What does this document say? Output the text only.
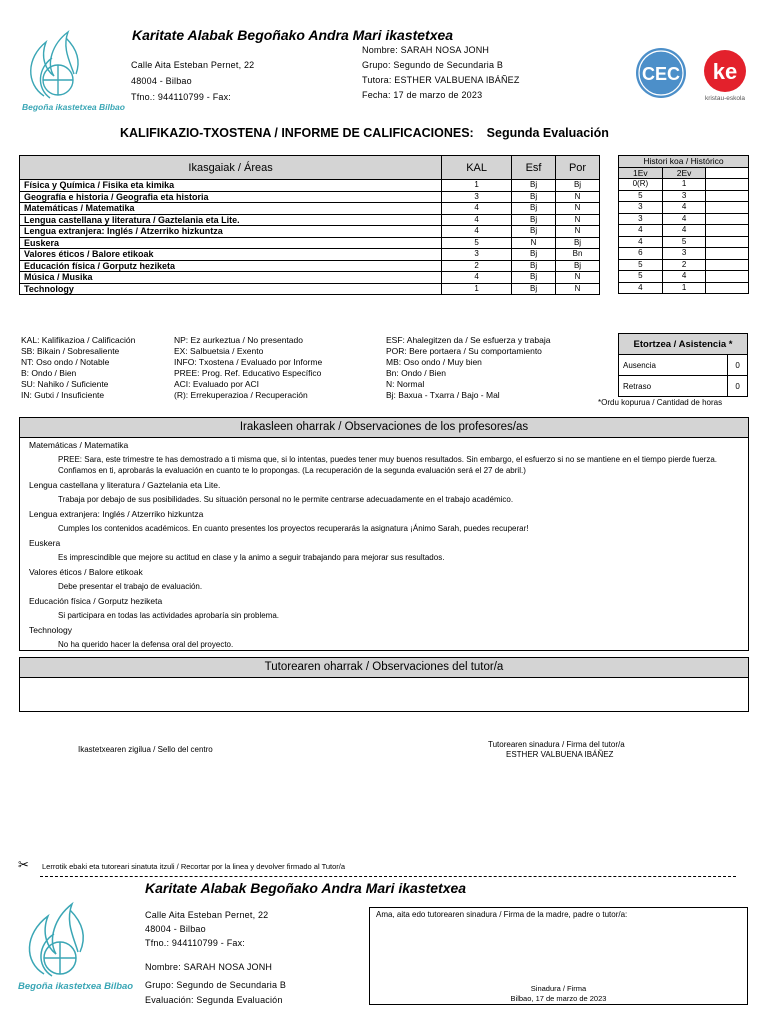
Begoña ikastetxea Bilbao
Karitate Alabak Begoñako Andra Mari ikastetxea
Calle Aita Esteban Pernet, 22
48004 - Bilbao
Tfno.: 944110799 - Fax:
Nombre: SARAH NOSA JONH
Grupo: Segundo de Secundaria B
Tutora: ESTHER VALBUENA IBÁÑEZ
Fecha: 17 de marzo de 2023
CEC ke
kristau-eskola
KALIFIKAZIO-TXOSTENA / INFORME DE CALIFICACIONES: Segunda Evaluación
Ikasgaiak / Áreas	KAL	Esf	Por
Física y Química / Fisika eta kimika	1	Bj	Bj
Geografía e historia / Geografia eta historia	3	Bj	N
Matemáticas / Matematika	4	Bj	N
Lengua castellana y literatura / Gaztelania eta Lite.	4	Bj	N
Lengua extranjera: Inglés / Atzerriko hizkuntza	4	Bj	N
Euskera	5	N	Bj
Valores éticos / Balore etikoak	3	Bj	Bn
Educación física / Gorputz heziketa	2	Bj	Bj
Música / Musika	4	Bj	N
Technology	1	Bj	N
Histori koa / Histórico		
1Ev	2Ev	
0(R)	1	
5	3	
3	4	
3	4	
4	4	
4	5	
6	3	
5	2	
5	4	
4	1	
KAL: Kalifikazioa / Calificación
SB: Bikain / Sobresaliente
NT: Oso ondo / Notable
B: Ondo / Bien
SU: Nahiko / Suficiente
IN: Gutxi / Insuficiente
NP: Ez aurkeztua / No presentado
EX: Salbuetsia / Exento
INFO: Txostena / Evaluado por Informe
PREE: Prog. Ref. Educativo Específico
ACI: Evaluado por ACI
(R): Errekuperazioa / Recuperación
ESF: Ahalegitzen da / Se esfuerza y trabaja
POR: Bere portaera / Su comportamiento
MB: Oso ondo / Muy bien
Bn: Ondo / Bien
N: Normal
Bj: Baxua - Txarra / Bajo - Mal
Etortzea / Asistencia *	
Ausencia	0
Retraso	0
*Ordu kopurua / Cantidad de horas
Irakasleen oharrak / Observaciones de los profesores/as
Matemáticas / Matematika
PREE: Sara, este trimestre te has demostrado a ti misma que, si lo intentas, puedes tener muy buenos resultados. Sin embargo, el esfuerzo si no se mantiene en el tiempo pierde fuerza. Confiamos en ti, aprobarás la evaluación en cuanto te lo propongas. (La recuperación de la segunda evaluación será el 27 de abril.)
Lengua castellana y literatura / Gaztelania eta Lite.
Trabaja por debajo de sus posibilidades. Su situación personal no le permite centrarse adecuadamente en el trabajo académico.
Lengua extranjera: Inglés / Atzerriko hizkuntza
Cumples los contenidos académicos. En cuanto presentes los proyectos recuperarás la asignatura ¡Ánimo Sarah, puedes recuperar!
Euskera
Es imprescindible que mejore su actitud en clase y la animo a seguir trabajando para mejorar sus resultados.
Valores éticos / Balore etikoak
Debe presentar el trabajo de evaluación.
Educación física / Gorputz heziketa
Si participara en todas las actividades aprobaría sin problema.
Technology
No ha querido hacer la defensa oral del proyecto.
Tutorearen oharrak / Observaciones del tutor/a
Ikastetxearen zigilua / Sello del centro
Tutorearen sinadura / Firma del tutor/a
ESTHER VALBUENA IBÁÑEZ
✂ Lerrotik ebaki eta tutoreari sinatuta itzuli / Recortar por la linea y devolver firmado al Tutor/a
Begoña ikastetxea Bilbao
Karitate Alabak Begoñako Andra Mari ikastetxea
Calle Aita Esteban Pernet, 22
48004 - Bilbao
Tfno.: 944110799 - Fax:
Nombre: SARAH NOSA JONH
Grupo: Segundo de Secundaria B
Evaluación: Segunda Evaluación
Ama, aita edo tutorearen sinadura / Firma de la madre, padre o tutor/a:
Sinadura / Firma
Bilbao, 17 de marzo de 2023
